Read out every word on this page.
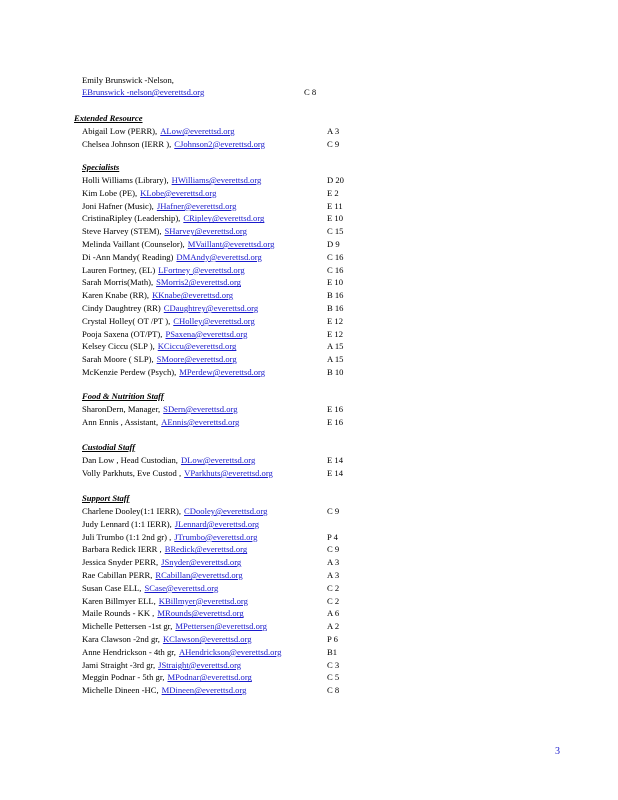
Emily Brunswick -Nelson,
EBrunswick -nelson@everettsd.org	C 8
Extended Resource
Abigail Low (PERR), ALow@everettsd.org	A 3
Chelsea Johnson (IERR ), CJohnson2@everettsd.org	C 9
Specialists
Holli Williams (Library), HWilliams@everettsd.org	D 20
Kim Lobe (PE), KLobe@everettsd.org	E 2
Joni Hafner (Music), JHafner@everettsd.org	E 11
CristinaRipley (Leadership), CRipley@everettsd.org	E 10
Steve Harvey (STEM), SHarvey@everettsd.org	C 15
Melinda Vaillant (Counselor), MVaillant@everettsd.org	D 9
Di -Ann Mandy( Reading) DMAndy@everettsd.org	C 16
Lauren Fortney, (EL) LFortney @everettsd.org	C 16
Sarah Morris(Math), SMorris2@everettsd.org	E 10
Karen Knabe (RR), KKnabe@everettsd.org	B 16
Cindy Daughtrey (RR) CDaughtrey@everettsd.org	B 16
Crystal Holley( OT /PT ), CHolley@everettsd.org	E 12
Pooja Saxena (OT/PT), PSaxena@everettsd.org	E 12
Kelsey Ciccu (SLP ), KCiccu@everettsd.org	A 15
Sarah Moore ( SLP), SMoore@everettsd.org	A 15
McKenzie Perdew (Psych), MPerdew@everettsd.org	B 10
Food & Nutrition Staff
SharonDern, Manager, SDern@everettsd.org	E 16
Ann Ennis , Assistant, AEnnis@everettsd.org	E 16
Custodial Staff
Dan Low , Head Custodian, DLow@everettsd.org	E 14
Volly Parkhuts, Eve Custod , VParkhuts@everettsd.org	E 14
Support Staff
Charlene Dooley(1:1 IERR), CDooley@everettsd.org	C 9
Judy Lennard (1:1 IERR), JLennard@everettsd.org
Juli Trumbo (1:1 2nd gr) , JTrumbo@everettsd.org	P 4
Barbara Redick IERR , BRedick@everettsd.org	C 9
Jessica Snyder PERR, JSnyder@everettsd.org	A 3
Rae Cabillan PERR, RCabillan@everettsd.org	A 3
Susan Case ELL, SCase@everettsd.org	C 2
Karen Billmyer ELL, KBillmyer@everettsd.org	C 2
Maile Rounds - KK , MRounds@everettsd.org	A 6
Michelle Pettersen -1st gr, MPettersen@everettsd.org	A 2
Kara Clawson -2nd gr, KClawson@everettsd.org	P 6
Anne Hendrickson - 4th gr, AHendrickson@everettsd.org	B1
Jami Straight -3rd gr, JStraight@everettsd.org	C 3
Meggin Podnar - 5th gr, MPodnar@everettsd.org	C 5
Michelle Dineen -HC, MDineen@everettsd.org	C 8
3
